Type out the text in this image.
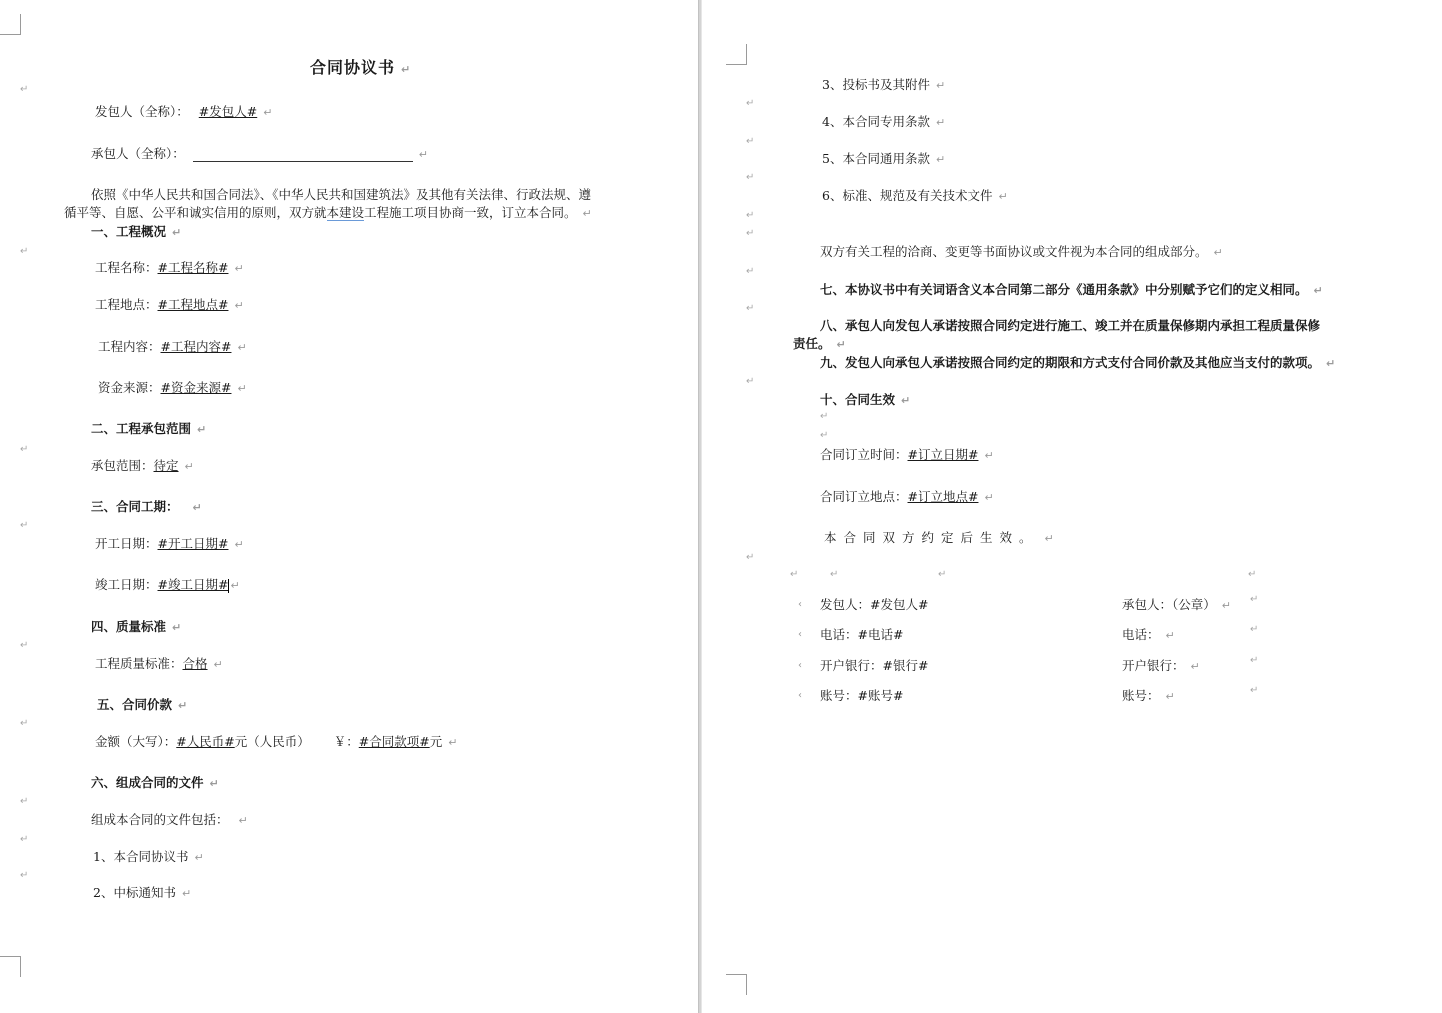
↵
↵
↵
↵
↵
↵
↵
↵
↵
合同协议书 ↵
发包人（全称）： #发包人# ↵
承包人（全称）：	↵
依照《中华人民共和国合同法》、《中华人民共和国建筑法》及其他有关法律、行政法规、遵
循平等、自愿、公平和诚实信用的原则，双方就本建设工程施工项目协商一致，订立本合同。 ↵
一、工程概况 ↵
工程名称：#工程名称# ↵
工程地点：#工程地点# ↵
工程内容：#工程内容# ↵
资金来源：#资金来源# ↵
二、工程承包范围 ↵
承包范围：待定 ↵
三、合同工期： ↵
开工日期：#开工日期# ↵
竣工日期：#竣工日期# ↵
四、质量标准 ↵
工程质量标准：合格 ↵
五、合同价款 ↵
金额（大写）：#人民币#元（人民币） ￥：#合同款项#元 ↵
六、组成合同的文件 ↵
组成本合同的文件包括： ↵
1、本合同协议书 ↵
2、中标通知书 ↵
↵
↵
↵
↵
↵
↵
↵
↵
↵
3、投标书及其附件 ↵
4、本合同专用条款 ↵
5、本合同通用条款 ↵
6、标准、规范及有关技术文件 ↵
双方有关工程的洽商、变更等书面协议或文件视为本合同的组成部分。 ↵
七、本协议书中有关词语含义本合同第二部分《通用条款》中分别赋予它们的定义相同。 ↵
八、承包人向发包人承诺按照合同约定进行施工、竣工并在质量保修期内承担工程质量保修
责任。 ↵
九、发包人向承包人承诺按照合同约定的期限和方式支付合同价款及其他应当支付的款项。 ↵
十、合同生效 ↵
↵
↵
合同订立时间：#订立日期# ↵
合同订立地点：#订立地点# ↵
本合同双方约定后生效。 ↵
↵	↵	↵	↵
‹ 发包人：#发包人#	承包人：（公章） ↵ ↵
‹ 电话：#电话#	电话： ↵	↵
‹ 开户银行：#银行#	开户银行： ↵	↵
‹ 账号：#账号#	账号： ↵	↵
